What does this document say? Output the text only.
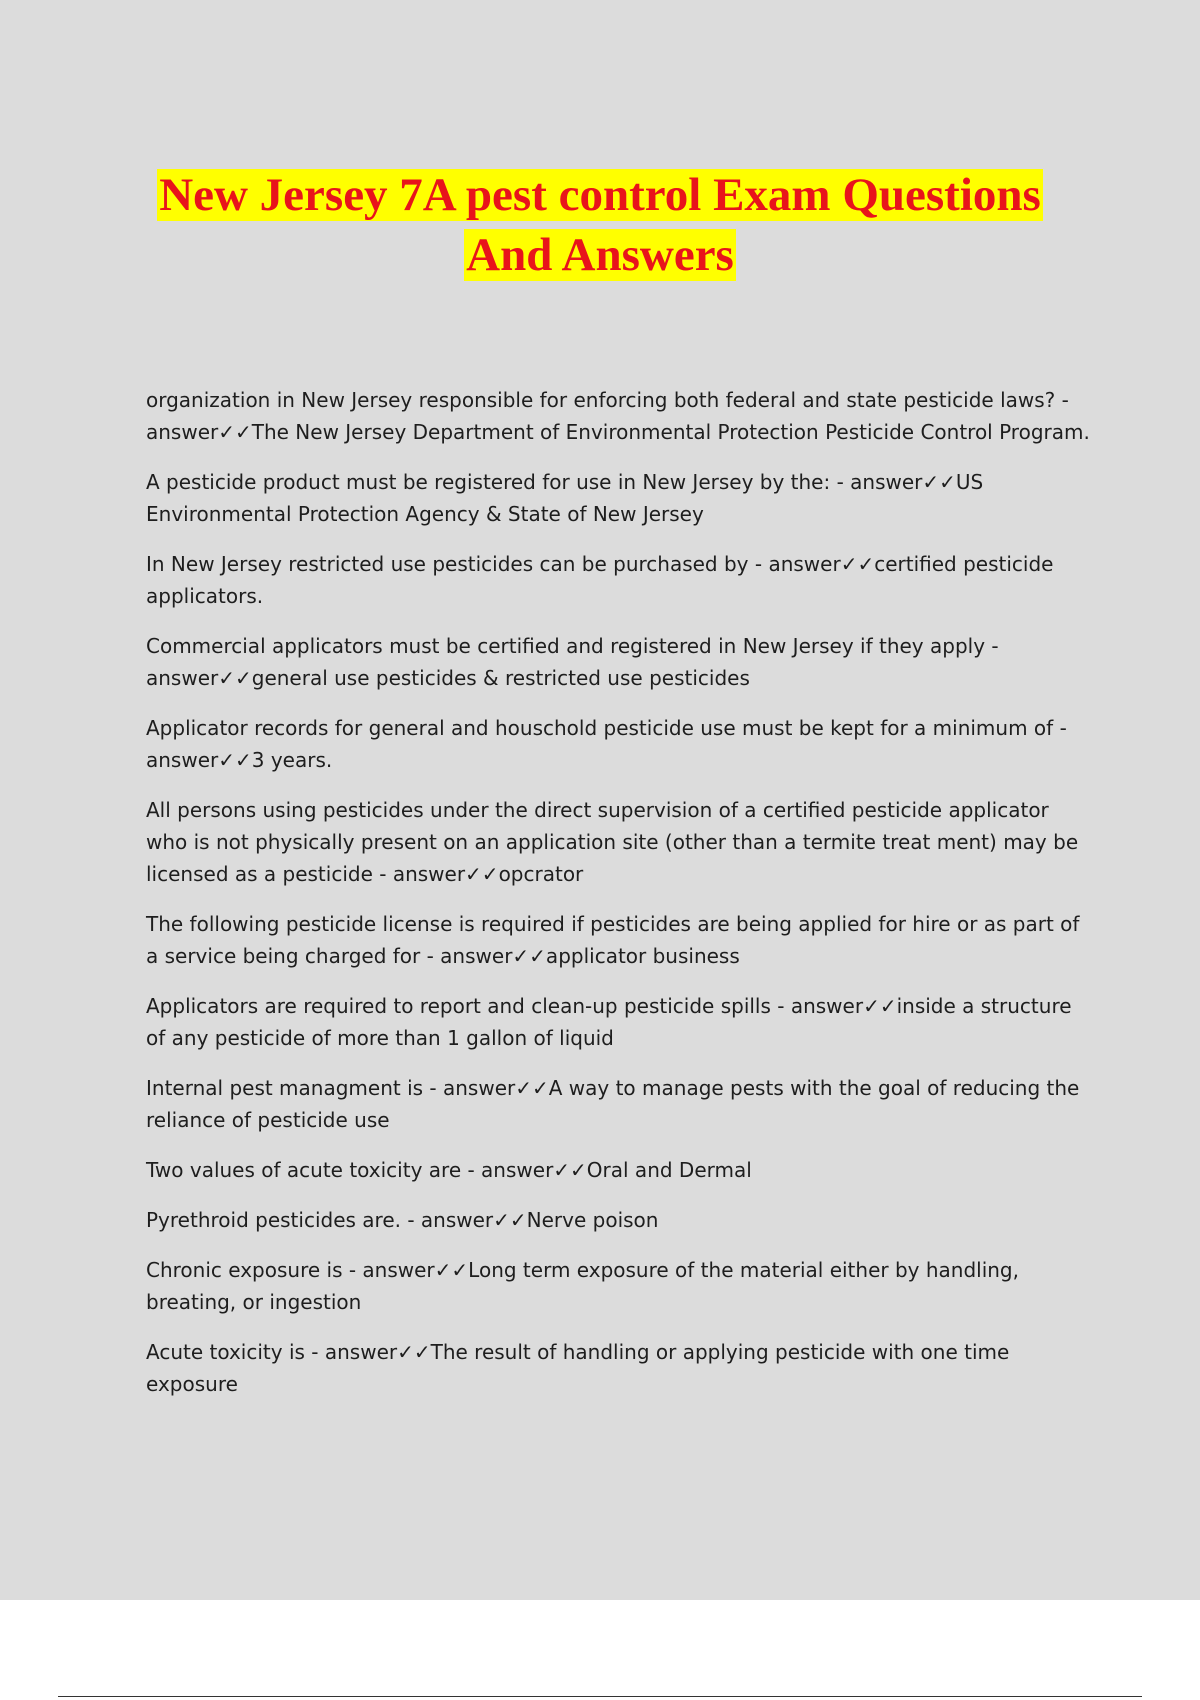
New Jersey 7A pest control Exam Questions
And Answers

organization in New Jersey responsible for enforcing both federal and state pesticide laws? - answer✓✓The New Jersey Department of Environmental Protection Pesticide Control Program.

A pesticide product must be registered for use in New Jersey by the: - answer✓✓US Environmental Protection Agency & State of New Jersey

In New Jersey restricted use pesticides can be purchased by - answer✓✓certified pesticide applicators.

Commercial applicators must be certified and registered in New Jersey if they apply - answer✓✓general use pesticides & restricted use pesticides

Applicator records for general and houschold pesticide use must be kept for a minimum of - answer✓✓3 years.

All persons using pesticides under the direct supervision of a certified pesticide applicator who is not physically present on an application site (other than a termite treat ment) may be licensed as a pesticide - answer✓✓opcrator

The following pesticide license is required if pesticides are being applied for hire or as part of a service being charged for - answer✓✓applicator business

Applicators are required to report and clean-up pesticide spills - answer✓✓inside a structure of any pesticide of more than 1 gallon of liquid

Internal pest managment is - answer✓✓A way to manage pests with the goal of reducing the reliance of pesticide use

Two values of acute toxicity are - answer✓✓Oral and Dermal

Pyrethroid pesticides are. - answer✓✓Nerve poison

Chronic exposure is - answer✓✓Long term exposure of the material either by handling, breating, or ingestion

Acute toxicity is - answer✓✓The result of handling or applying pesticide with one time exposure
